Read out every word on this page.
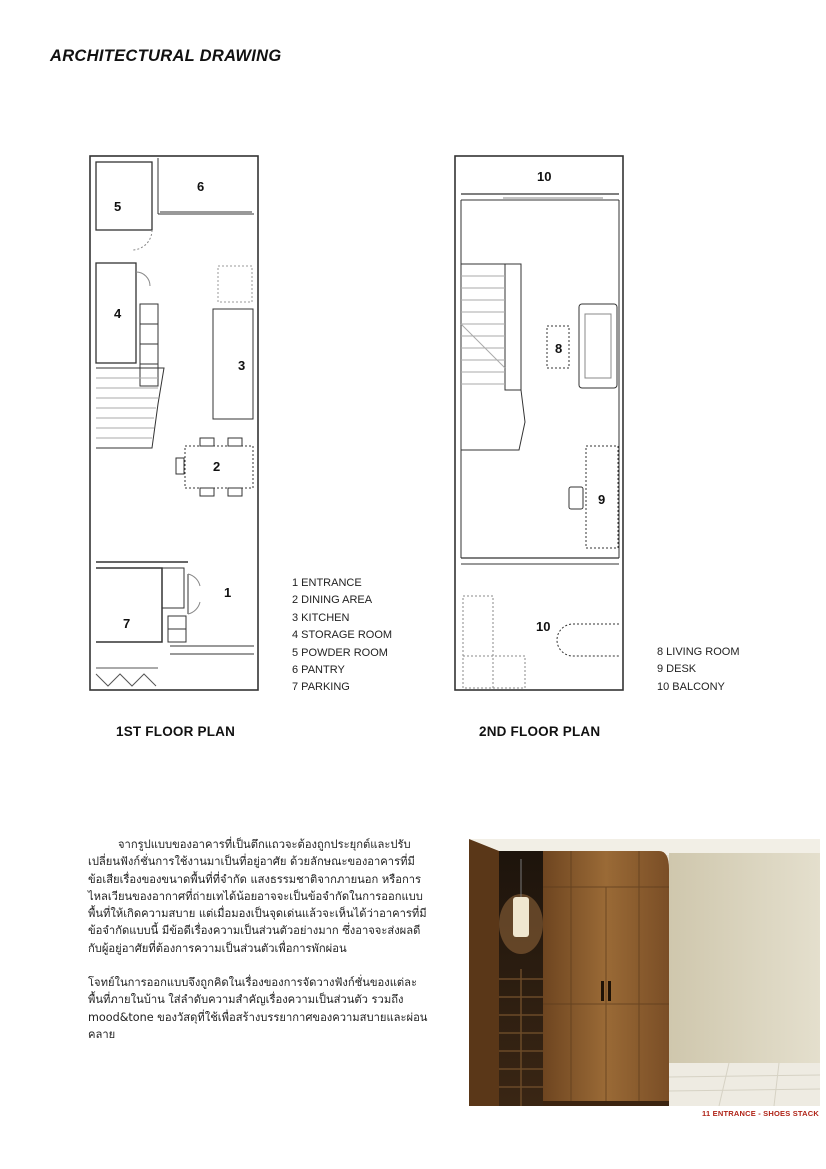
ARCHITECTURAL DRAWING
1
2
3
4
5
6
7
1 ENTRANCE
2 DINING AREA
3 KITCHEN
4 STORAGE ROOM
5 POWDER ROOM
6 PANTRY
7 PARKING
1ST FLOOR PLAN
10
8
9
10
8 LIVING ROOM
9 DESK
10 BALCONY
2ND FLOOR PLAN

จากรูปแบบของอาคารที่เป็นตึกแถวจะต้องถูกประยุกต์และปรับเปลี่ยนฟังก์ชั่นการใช้งานมาเป็นที่อยู่อาศัย ด้วยลักษณะของอาคารที่มีข้อเสียเรื่องของขนาดพื้นที่ที่จำกัด แสงธรรมชาติจากภายนอก หรือการไหลเวียนของอากาศที่ถ่ายเทได้น้อยอาจจะเป็นข้อจำกัดในการออกแบบพื้นที่ให้เกิดความสบาย แต่เมื่อมองเป็นจุดเด่นแล้วจะเห็นได้ว่าอาคารที่มีข้อจำกัดแบบนี้ มีข้อดีเรื่องความเป็นส่วนตัวอย่างมาก ซึ่งอาจจะส่งผลดีกับผู้อยู่อาศัยที่ต้องการความเป็นส่วนตัวเพื่อการพักผ่อน

โจทย์ในการออกแบบจึงถูกคิดในเรื่องของการจัดวางฟังก์ชั่นของแต่ละพื้นที่ภายในบ้าน ใส่ลำดับความสำคัญเรื่องความเป็นส่วนตัว รวมถึง mood&tone ของวัสดุที่ใช้เพื่อสร้างบรรยากาศของความสบายและผ่อนคลาย

11 ENTRANCE - SHOES STACK
